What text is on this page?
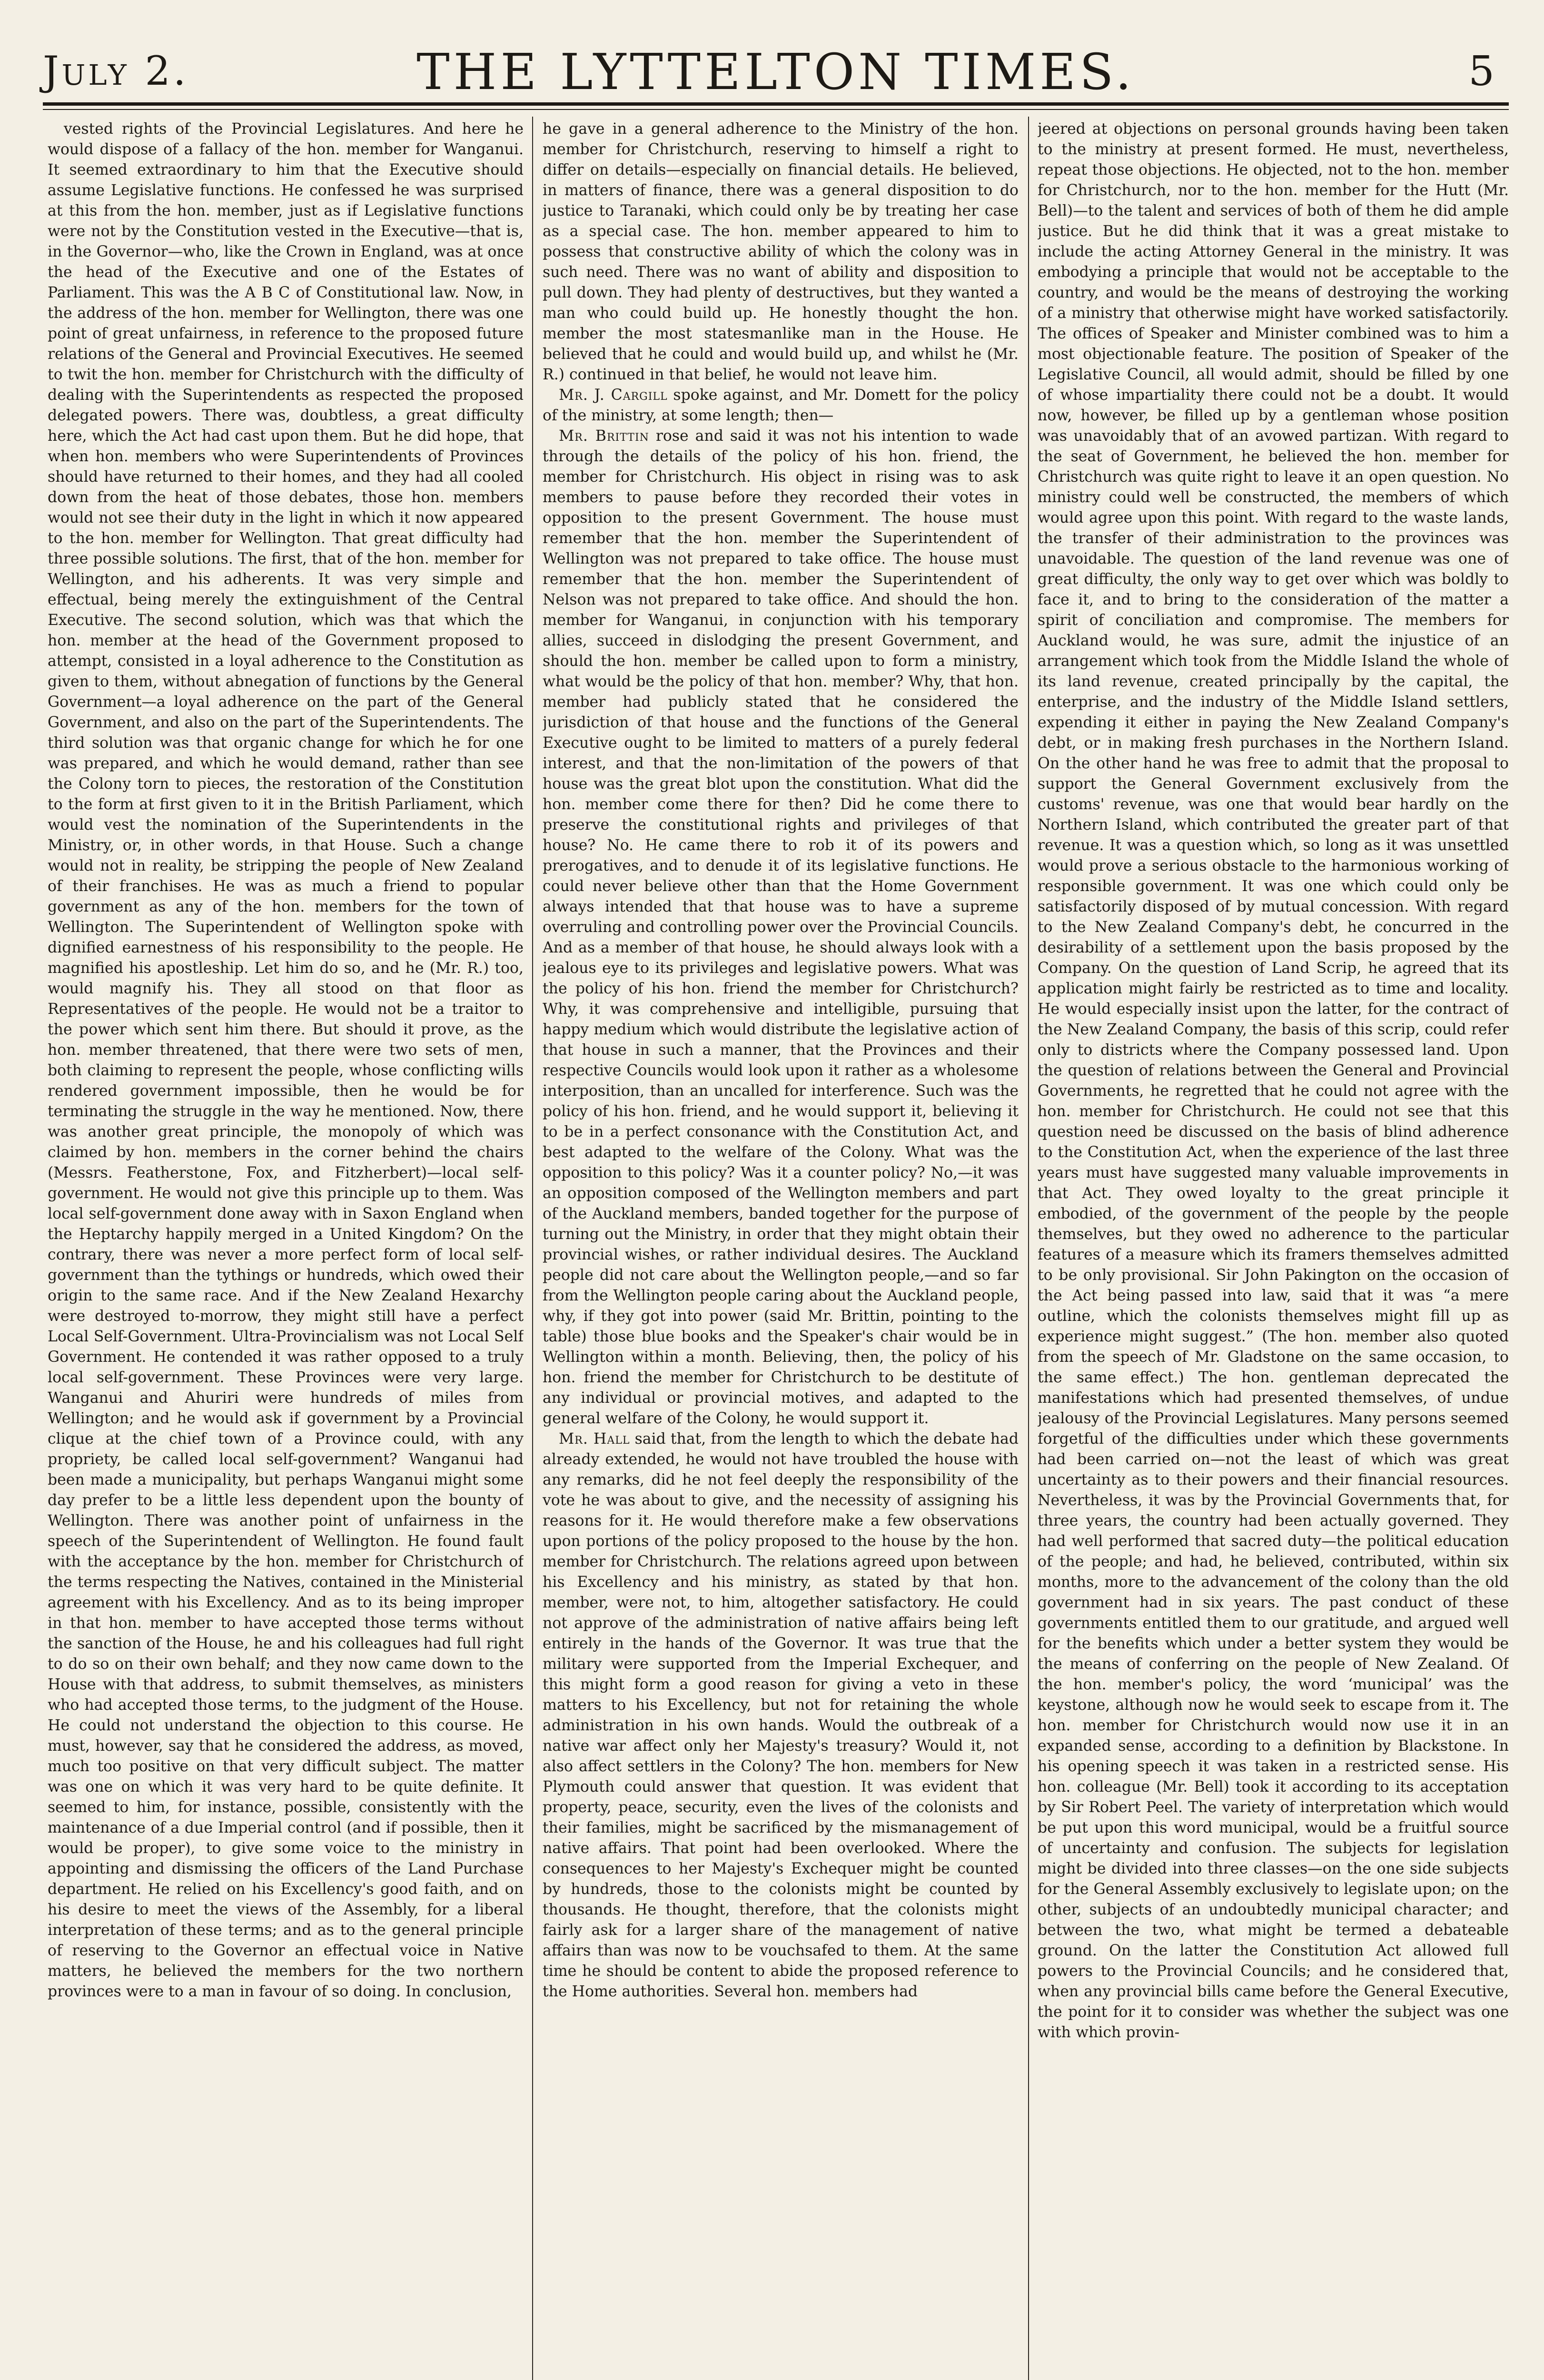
July 2.	THE LYTTELTON TIMES.	5

vested rights of the Provincial Legislatures. And here he would dispose of a fallacy of the hon. member for Wanganui. It seemed extraordinary to him that the Executive should assume Legislative functions. He confessed he was surprised at this from the hon. member, just as if Legislative functions were not by the Constitution vested in the Executive—that is, in the Governor—who, like the Crown in England, was at once the head of the Executive and one of the Estates of Parliament. This was the A B C of Constitutional law. Now, in the address of the hon. member for Wellington, there was one point of great unfairness, in reference to the proposed future relations of the General and Provincial Executives. He seemed to twit the hon. member for Christchurch with the difficulty of dealing with the Superintendents as respected the proposed delegated powers. There was, doubtless, a great difficulty here, which the Act had cast upon them. But he did hope, that when hon. members who were Superintendents of Provinces should have returned to their homes, and they had all cooled down from the heat of those debates, those hon. members would not see their duty in the light in which it now appeared to the hon. member for Wellington. That great difficulty had three possible solutions. The first, that of the hon. member for Wellington, and his adherents. It was very simple and effectual, being merely the extinguishment of the Central Executive. The second solution, which was that which the hon. member at the head of the Government proposed to attempt, consisted in a loyal adherence to the Constitution as given to them, without abnegation of functions by the General Government—a loyal adherence on the part of the General Government, and also on the part of the Superintendents. The third solution was that organic change for which he for one was prepared, and which he would demand, rather than see the Colony torn to pieces, the restoration of the Constitution to the form at first given to it in the British Parliament, which would vest the nomination of the Superintendents in the Ministry, or, in other words, in that House. Such a change would not in reality, be stripping the people of New Zealand of their franchises. He was as much a friend to popular government as any of the hon. members for the town of Wellington. The Superintendent of Wellington spoke with dignified earnestness of his responsibility to the people. He magnified his apostleship. Let him do so, and he (Mr. R.) too, would magnify his. They all stood on that floor as Representatives of the people. He would not be a traitor to the power which sent him there. But should it prove, as the hon. member threatened, that there were two sets of men, both claiming to represent the people, whose conflicting wills rendered government impossible, then he would be for terminating the struggle in the way he mentioned. Now, there was another great principle, the monopoly of which was claimed by hon. members in the corner behind the chairs (Messrs. Featherstone, Fox, and Fitzherbert)—local self-government. He would not give this principle up to them. Was local self-government done away with in Saxon England when the Heptarchy happily merged in a United Kingdom? On the contrary, there was never a more perfect form of local self-government than the tythings or hundreds, which owed their origin to the same race. And if the New Zealand Hexarchy were destroyed to-morrow, they might still have a perfect Local Self-Government. Ultra-Provincialism was not Local Self Government. He contended it was rather opposed to a truly local self-government. These Provinces were very large. Wanganui and Ahuriri were hundreds of miles from Wellington; and he would ask if government by a Provincial clique at the chief town of a Province could, with any propriety, be called local self-government? Wanganui had been made a municipality, but perhaps Wanganui might some day prefer to be a little less dependent upon the bounty of Wellington. There was another point of unfairness in the speech of the Superintendent of Wellington. He found fault with the acceptance by the hon. member for Christchurch of the terms respecting the Natives, contained in the Ministerial agreement with his Excellency. And as to its being improper in that hon. member to have accepted those terms without the sanction of the House, he and his colleagues had full right to do so on their own behalf; and they now came down to the House with that address, to submit themselves, as ministers who had accepted those terms, to the judgment of the House. He could not understand the objection to this course. He must, however, say that he considered the address, as moved, much too positive on that very difficult subject. The matter was one on which it was very hard to be quite definite. It seemed to him, for instance, possible, consistently with the maintenance of a due Imperial control (and if possible, then it would be proper), to give some voice to the ministry in appointing and dismissing the officers of the Land Purchase department. He relied on his Excellency's good faith, and on his desire to meet the views of the Assembly, for a liberal interpretation of these terms; and as to the general principle of reserving to the Governor an effectual voice in Native matters, he believed the members for the two northern provinces were to a man in favour of so doing. In conclusion,

he gave in a general adherence to the Ministry of the hon. member for Christchurch, reserving to himself a right to differ on details—especially on financial details. He believed, in matters of finance, there was a general disposition to do justice to Taranaki, which could only be by treating her case as a special case. The hon. member appeared to him to possess that constructive ability of which the colony was in such need. There was no want of ability and disposition to pull down. They had plenty of destructives, but they wanted a man who could build up. He honestly thought the hon. member the most statesmanlike man in the House. He believed that he could and would build up, and whilst he (Mr. R.) continued in that belief, he would not leave him.

Mr. J. Cargill spoke against, and Mr. Domett for the policy of the ministry, at some length; then—

Mr. Brittin rose and said it was not his intention to wade through the details of the policy of his hon. friend, the member for Christchurch. His object in rising was to ask members to pause before they recorded their votes in opposition to the present Government. The house must remember that the hon. member the Superintendent of Wellington was not prepared to take office. The house must remember that the hon. member the Superintendent of Nelson was not prepared to take office. And should the hon. member for Wanganui, in conjunction with his temporary allies, succeed in dislodging the present Government, and should the hon. member be called upon to form a ministry, what would be the policy of that hon. member? Why, that hon. member had publicly stated that he considered the jurisdiction of that house and the functions of the General Executive ought to be limited to matters of a purely federal interest, and that the non-limitation of the powers of that house was the great blot upon the constitution. What did the hon. member come there for then? Did he come there to preserve the constitutional rights and privileges of that house? No. He came there to rob it of its powers and prerogatives, and to denude it of its legislative functions. He could never believe other than that the Home Government always intended that that house was to have a supreme overruling and controlling power over the Provincial Councils. And as a member of that house, he should always look with a jealous eye to its privileges and legislative powers. What was the policy of his hon. friend the member for Christchurch? Why, it was comprehensive and intelligible, pursuing that happy medium which would distribute the legislative action of that house in such a manner, that the Provinces and their respective Councils would look upon it rather as a wholesome interposition, than an uncalled for interference. Such was the policy of his hon. friend, and he would support it, believing it to be in a perfect consonance with the Constitution Act, and best adapted to the welfare of the Colony. What was the opposition to this policy? Was it a counter policy? No,—it was an opposition composed of the Wellington members and part of the Auckland members, banded together for the purpose of turning out the Ministry, in order that they might obtain their provincial wishes, or rather individual desires. The Auckland people did not care about the Wellington people,—and so far from the Wellington people caring about the Auckland people, why, if they got into power (said Mr. Brittin, pointing to the table) those blue books and the Speaker's chair would be in Wellington within a month. Believing, then, the policy of his hon. friend the member for Christchurch to be destitute of any individual or provincial motives, and adapted to the general welfare of the Colony, he would support it.

Mr. Hall said that, from the length to which the debate had already extended, he would not have troubled the house with any remarks, did he not feel deeply the responsibility of the vote he was about to give, and the necessity of assigning his reasons for it. He would therefore make a few observations upon portions of the policy proposed to the house by the hon. member for Christchurch. The relations agreed upon between his Excellency and his ministry, as stated by that hon. member, were not, to him, altogether satisfactory. He could not approve of the administration of native affairs being left entirely in the hands of the Governor. It was true that the military were supported from the Imperial Exchequer, and this might form a good reason for giving a veto in these matters to his Excellency, but not for retaining the whole administration in his own hands. Would the outbreak of a native war affect only her Majesty's treasury? Would it, not also affect settlers in the Colony? The hon. members for New Plymouth could answer that question. It was evident that property, peace, security, even the lives of the colonists and their families, might be sacrificed by the mismanagement of native affairs. That point had been overlooked. Where the consequences to her Majesty's Exchequer might be counted by hundreds, those to the colonists might be counted by thousands. He thought, therefore, that the colonists might fairly ask for a larger share of the management of native affairs than was now to be vouchsafed to them. At the same time he should be content to abide the proposed reference to the Home authorities. Several hon. members had

jeered at objections on personal grounds having been taken to the ministry at present formed. He must, nevertheless, repeat those objections. He objected, not to the hon. member for Christchurch, nor to the hon. member for the Hutt (Mr. Bell)—to the talent and services of both of them he did ample justice. But he did think that it was a great mistake to include the acting Attorney General in the ministry. It was embodying a principle that would not be acceptable to the country, and would be the means of destroying the working of a ministry that otherwise might have worked satisfactorily. The offices of Speaker and Minister combined was to him a most objectionable feature. The position of Speaker of the Legislative Council, all would admit, should be filled by one of whose impartiality there could not be a doubt. It would now, however, be filled up by a gentleman whose position was unavoidably that of an avowed partizan. With regard to the seat of Government, he believed the hon. member for Christchurch was quite right to leave it an open question. No ministry could well be constructed, the members of which would agree upon this point. With regard to the waste lands, the transfer of their administration to the provinces was unavoidable. The question of the land revenue was one of great difficulty, the only way to get over which was boldly to face it, and to bring to the consideration of the matter a spirit of conciliation and compromise. The members for Auckland would, he was sure, admit the injustice of an arrangement which took from the Middle Island the whole of its land revenue, created principally by the capital, the enterprise, and the industry of the Middle Island settlers, expending it either in paying the New Zealand Company's debt, or in making fresh purchases in the Northern Island. On the other hand he was free to admit that the proposal to support the General Government exclusively from the customs' revenue, was one that would bear hardly on the Northern Island, which contributed the greater part of that revenue. It was a question which, so long as it was unsettled would prove a serious obstacle to the harmonious working of responsible government. It was one which could only be satisfactorily disposed of by mutual concession. With regard to the New Zealand Company's debt, he concurred in the desirability of a settlement upon the basis proposed by the Company. On the question of Land Scrip, he agreed that its application might fairly be restricted as to time and locality. He would especially insist upon the latter, for the contract of the New Zealand Company, the basis of this scrip, could refer only to districts where the Company possessed land. Upon the question of relations between the General and Provincial Governments, he regretted that he could not agree with the hon. member for Christchurch. He could not see that this question need be discussed on the basis of blind adherence to the Constitution Act, when the experience of the last three years must have suggested many valuable improvements in that Act. They owed loyalty to the great principle it embodied, of the government of the people by the people themselves, but they owed no adherence to the particular features of a measure which its framers themselves admitted to be only provisional. Sir John Pakington on the occasion of the Act being passed into law, said that it was “a mere outline, which the colonists themselves might fill up as experience might suggest.” (The hon. member also quoted from the speech of Mr. Gladstone on the same occasion, to the same effect.) The hon. gentleman deprecated the manifestations which had presented themselves, of undue jealousy of the Provincial Legislatures. Many persons seemed forgetful of the difficulties under which these governments had been carried on—not the least of which was great uncertainty as to their powers and their financial resources. Nevertheless, it was by the Provincial Governments that, for three years, the country had been actually governed. They had well performed that sacred duty—the political education of the people; and had, he believed, contributed, within six months, more to the advancement of the colony than the old government had in six years. The past conduct of these governments entitled them to our gratitude, and argued well for the benefits which under a better system they would be the means of conferring on the people of New Zealand. Of the hon. member's policy, the word ‘municipal’ was the keystone, although now he would seek to escape from it. The hon. member for Christchurch would now use it in an expanded sense, according to a definition by Blackstone. In his opening speech it was taken in a restricted sense. His hon. colleague (Mr. Bell) took it according to its acceptation by Sir Robert Peel. The variety of interpretation which would be put upon this word municipal, would be a fruitful source of uncertainty and confusion. The subjects for legislation might be divided into three classes—on the one side subjects for the General Assembly exclusively to legislate upon; on the other, subjects of an undoubtedly municipal character; and between the two, what might be termed a debateable ground. On the latter the Constitution Act allowed full powers to the Provincial Councils; and he considered that, when any provincial bills came before the General Executive, the point for it to consider was whether the subject was one with which provin-
